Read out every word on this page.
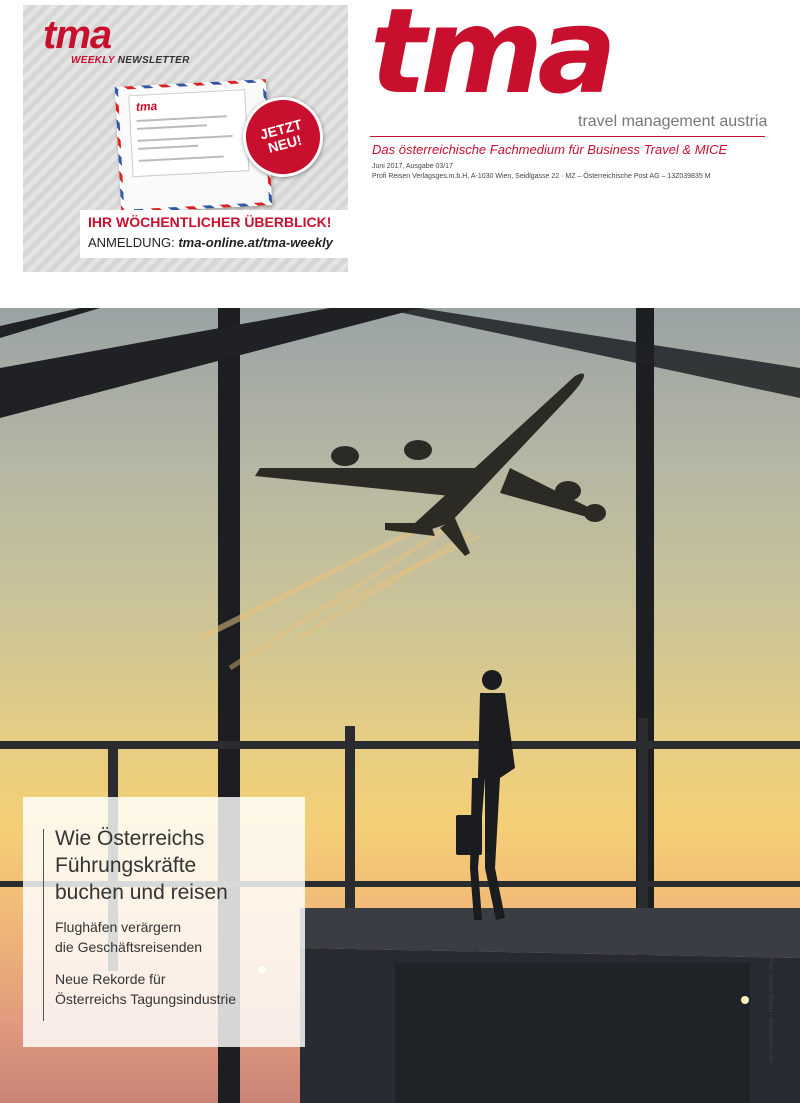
tma
WEEKLY NEWSLETTER
tma
JETZT
NEU!
IHR WÖCHENTLICHER ÜBERBLICK!
ANMELDUNG: tma-online.at/tma-weekly
tma
travel management austria
Das österreichische Fachmedium für Business Travel & MICE
Juni 2017, Ausgabe 03/17
Profi Reisen Verlagsges.m.b.H, A-1030 Wien, Seidlgasse 22 · MZ – Österreichische Post AG – 13Z039835 M
Wie Österreichs
Führungskräfte
buchen und reisen
Flughäfen verärgern
die Geschäftsreisenden
Neue Rekorde für
Österreichs Tagungsindustrie	Foto: Sergey Nivens / shutterstock.com
